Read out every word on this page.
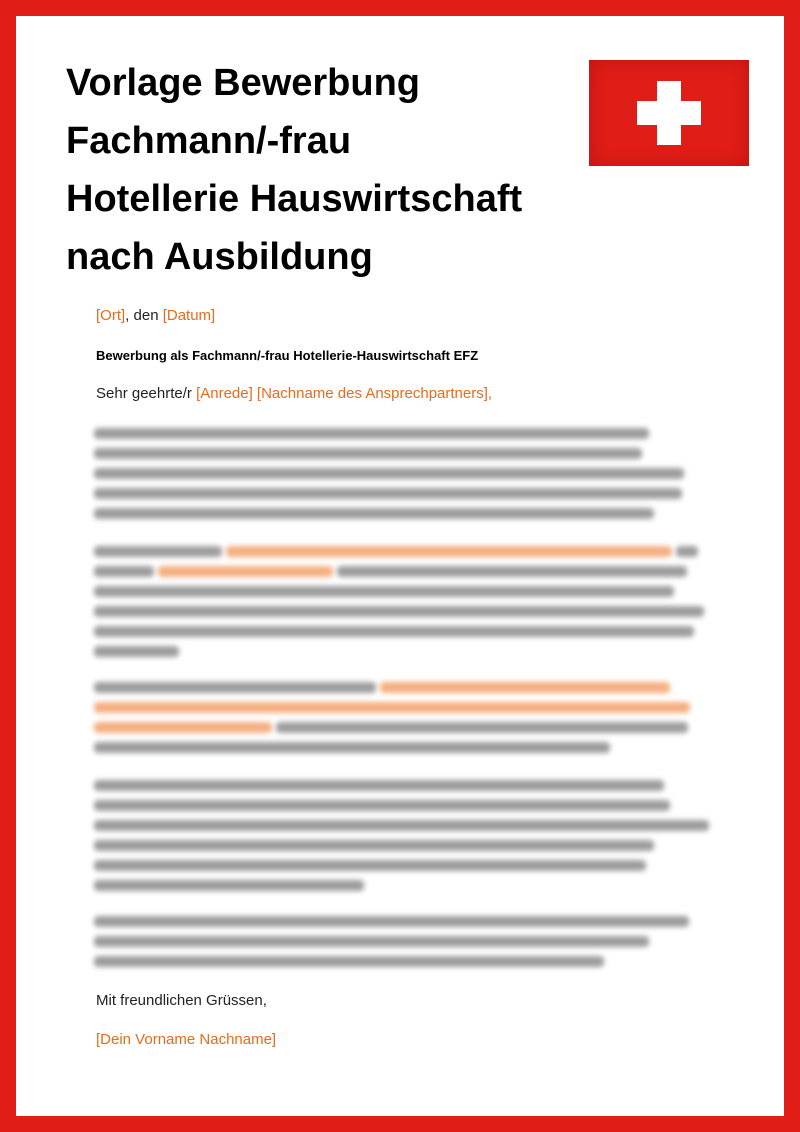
Vorlage Bewerbung
Fachmann/-frau
Hotellerie Hauswirtschaft
nach Ausbildung

[Ort], den [Datum]

Bewerbung als Fachmann/-frau Hotellerie-Hauswirtschaft EFZ

Sehr geehrte/r [Anrede] [Nachname des Ansprechpartners],

Mit freundlichen Grüssen,

[Dein Vorname Nachname]
